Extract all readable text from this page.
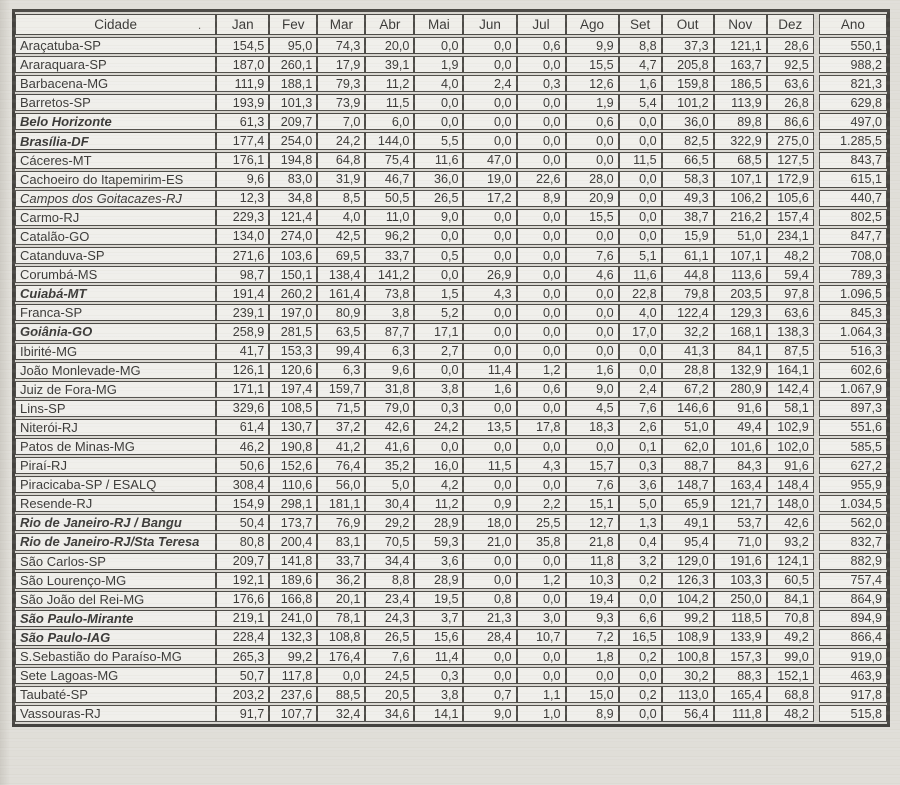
Cidade .	Jan	Fev	Mar	Abr	Mai	Jun	Jul	Ago	Set	Out	Nov	Dez		Ano
Araçatuba-SP	154,5	95,0	74,3	20,0	0,0	0,0	0,6	9,9	8,8	37,3	121,1	28,6		550,1
Araraquara-SP	187,0	260,1	17,9	39,1	1,9	0,0	0,0	15,5	4,7	205,8	163,7	92,5		988,2
Barbacena-MG	111,9	188,1	79,3	11,2	4,0	2,4	0,3	12,6	1,6	159,8	186,5	63,6		821,3
Barretos-SP	193,9	101,3	73,9	11,5	0,0	0,0	0,0	1,9	5,4	101,2	113,9	26,8		629,8
Belo Horizonte	61,3	209,7	7,0	6,0	0,0	0,0	0,0	0,6	0,0	36,0	89,8	86,6		497,0
Brasília-DF	177,4	254,0	24,2	144,0	5,5	0,0	0,0	0,0	0,0	82,5	322,9	275,0		1.285,5
Cáceres-MT	176,1	194,8	64,8	75,4	11,6	47,0	0,0	0,0	11,5	66,5	68,5	127,5		843,7
Cachoeiro do Itapemirim-ES	9,6	83,0	31,9	46,7	36,0	19,0	22,6	28,0	0,0	58,3	107,1	172,9		615,1
Campos dos Goitacazes-RJ	12,3	34,8	8,5	50,5	26,5	17,2	8,9	20,9	0,0	49,3	106,2	105,6		440,7
Carmo-RJ	229,3	121,4	4,0	11,0	9,0	0,0	0,0	15,5	0,0	38,7	216,2	157,4		802,5
Catalão-GO	134,0	274,0	42,5	96,2	0,0	0,0	0,0	0,0	0,0	15,9	51,0	234,1		847,7
Catanduva-SP	271,6	103,6	69,5	33,7	0,5	0,0	0,0	7,6	5,1	61,1	107,1	48,2		708,0
Corumbá-MS	98,7	150,1	138,4	141,2	0,0	26,9	0,0	4,6	11,6	44,8	113,6	59,4		789,3
Cuiabá-MT	191,4	260,2	161,4	73,8	1,5	4,3	0,0	0,0	22,8	79,8	203,5	97,8		1.096,5
Franca-SP	239,1	197,0	80,9	3,8	5,2	0,0	0,0	0,0	4,0	122,4	129,3	63,6		845,3
Goiânia-GO	258,9	281,5	63,5	87,7	17,1	0,0	0,0	0,0	17,0	32,2	168,1	138,3		1.064,3
Ibirité-MG	41,7	153,3	99,4	6,3	2,7	0,0	0,0	0,0	0,0	41,3	84,1	87,5		516,3
João Monlevade-MG	126,1	120,6	6,3	9,6	0,0	11,4	1,2	1,6	0,0	28,8	132,9	164,1		602,6
Juiz de Fora-MG	171,1	197,4	159,7	31,8	3,8	1,6	0,6	9,0	2,4	67,2	280,9	142,4		1.067,9
Lins-SP	329,6	108,5	71,5	79,0	0,3	0,0	0,0	4,5	7,6	146,6	91,6	58,1		897,3
Niterói-RJ	61,4	130,7	37,2	42,6	24,2	13,5	17,8	18,3	2,6	51,0	49,4	102,9		551,6
Patos de Minas-MG	46,2	190,8	41,2	41,6	0,0	0,0	0,0	0,0	0,1	62,0	101,6	102,0		585,5
Piraí-RJ	50,6	152,6	76,4	35,2	16,0	11,5	4,3	15,7	0,3	88,7	84,3	91,6		627,2
Piracicaba-SP / ESALQ	308,4	110,6	56,0	5,0	4,2	0,0	0,0	7,6	3,6	148,7	163,4	148,4		955,9
Resende-RJ	154,9	298,1	181,1	30,4	11,2	0,9	2,2	15,1	5,0	65,9	121,7	148,0		1.034,5
Rio de Janeiro-RJ / Bangu	50,4	173,7	76,9	29,2	28,9	18,0	25,5	12,7	1,3	49,1	53,7	42,6		562,0
Rio de Janeiro-RJ/Sta Teresa	80,8	200,4	83,1	70,5	59,3	21,0	35,8	21,8	0,4	95,4	71,0	93,2		832,7
São Carlos-SP	209,7	141,8	33,7	34,4	3,6	0,0	0,0	11,8	3,2	129,0	191,6	124,1		882,9
São Lourenço-MG	192,1	189,6	36,2	8,8	28,9	0,0	1,2	10,3	0,2	126,3	103,3	60,5		757,4
São João del Rei-MG	176,6	166,8	20,1	23,4	19,5	0,8	0,0	19,4	0,0	104,2	250,0	84,1		864,9
São Paulo-Mirante	219,1	241,0	78,1	24,3	3,7	21,3	3,0	9,3	6,6	99,2	118,5	70,8		894,9
São Paulo-IAG	228,4	132,3	108,8	26,5	15,6	28,4	10,7	7,2	16,5	108,9	133,9	49,2		866,4
S.Sebastião do Paraíso-MG	265,3	99,2	176,4	7,6	11,4	0,0	0,0	1,8	0,2	100,8	157,3	99,0		919,0
Sete Lagoas-MG	50,7	117,8	0,0	24,5	0,3	0,0	0,0	0,0	0,0	30,2	88,3	152,1		463,9
Taubaté-SP	203,2	237,6	88,5	20,5	3,8	0,7	1,1	15,0	0,2	113,0	165,4	68,8		917,8
Vassouras-RJ	91,7	107,7	32,4	34,6	14,1	9,0	1,0	8,9	0,0	56,4	111,8	48,2		515,8
